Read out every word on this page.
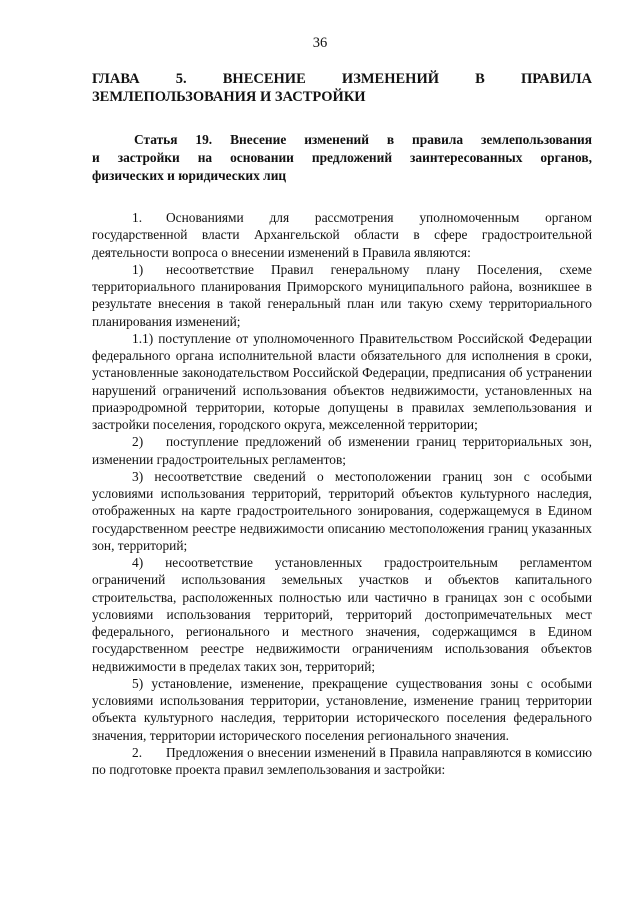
36
ГЛАВА 5. ВНЕСЕНИЕ ИЗМЕНЕНИЙ В ПРАВИЛА
ЗЕМЛЕПОЛЬЗОВАНИЯ И ЗАСТРОЙКИ
Статья 19. Внесение изменений в правила землепользования
и застройки на основании предложений заинтересованных органов,
физических и юридических лиц

1. Основаниями для рассмотрения уполномоченным органом государственной власти Архангельской области в сфере градостроительной деятельности вопроса о внесении изменений в Правила являются:

1) несоответствие Правил генеральному плану Поселения, схеме территориального планирования Приморского муниципального района, возникшее в результате внесения в такой генеральный план или такую схему территориального планирования изменений;

1.1) поступление от уполномоченного Правительством Российской Федерации федерального органа исполнительной власти обязательного для исполнения в сроки, установленные законодательством Российской Федерации, предписания об устранении нарушений ограничений использования объектов недвижимости, установленных на приаэродромной территории, которые допущены в правилах землепользования и застройки поселения, городского округа, межселенной территории;

2) поступление предложений об изменении границ территориальных зон, изменении градостроительных регламентов;

3) несоответствие сведений о местоположении границ зон с особыми условиями использования территорий, территорий объектов культурного наследия, отображенных на карте градостроительного зонирования, содержащемуся в Едином государственном реестре недвижимости описанию местоположения границ указанных зон, территорий;

4) несоответствие установленных градостроительным регламентом ограничений использования земельных участков и объектов капитального строительства, расположенных полностью или частично в границах зон с особыми условиями использования территорий, территорий достопримечательных мест федерального, регионального и местного значения, содержащимся в Едином государственном реестре недвижимости ограничениям использования объектов недвижимости в пределах таких зон, территорий;

5) установление, изменение, прекращение существования зоны с особыми условиями использования территории, установление, изменение границ территории объекта культурного наследия, территории исторического поселения федерального значения, территории исторического поселения регионального значения.

2. Предложения о внесении изменений в Правила направляются в комиссию по подготовке проекта правил землепользования и застройки:
